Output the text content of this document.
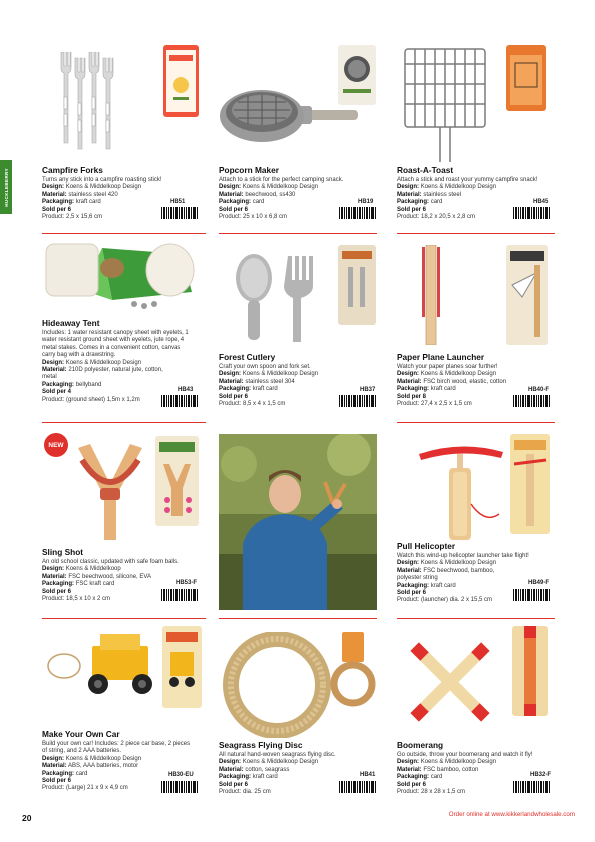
HUCKLEBERRY	Campfire Forks
Turns any stick into a campfire roasting stick!
Design: Koens & Middelkoop Design
Material: stainless steel 420
Packaging: kraft card
Sold per 6
Product: 2,5 x 15,6 cm
Popcorn Maker
Attach to a stick for the perfect camping snack.
Design: Koens & Middelkoop Design
Material: beechwood, ss430
Packaging: card
Sold per 6
Product: 25 x 10 x 6,8 cm
Roast-A-Toast
Attach a stick and roast your yummy campfire snack!
Design: Koens & Middelkoop Design
Material: stainless steel
Packaging: card
Sold per 6
Product: 18,2 x 20,5 x 2,8 cm
HB51	HB19	HB45
Hideaway Tent
Includes: 1 water resistant canopy sheet with eyelets, 1 water resistant ground sheet with eyelets, jute rope, 4 metal stakes. Comes in a convenient cotton, canvas carry bag with a drawstring.
Design: Koens & Middelkoop Design
Material: 210D polyester, natural jute, cotton, metal
Packaging: bellyband
Sold per 4
Product: (ground sheet) 1,5m x 1,2m
Forest Cutlery
Craft your own spoon and fork set.
Design: Koens & Middelkoop Design
Material: stainless steel 304
Packaging: kraft card
Sold per 6
Product: 8,5 x 4 x 1,5 cm
Paper Plane Launcher
Watch your paper planes soar further!
Design: Koens & Middelkoop Design
Material: FSC birch wood, elastic, cotton
Packaging: kraft card
Sold per 8
Product: 27,4 x 2,5 x 1,5 cm
HB43	HB37	HB40-F
NEW
Sling Shot
An old school classic, updated with safe foam balls.
Design: Koens & Middelkoop
Material: FSC beechwood, silicone, EVA
Packaging: FSC kraft card
Sold per 6
Product: 18,5 x 10 x 2 cm
Pull Helicopter
Watch this wind-up helicopter launcher take flight!
Design: Koens & Middelkoop Design
Material: FSC beechwood, bamboo, polyester string
Packaging: kraft card
Sold per 6
Product: (launcher) dia. 2 x 15,5 cm
HB53-F	HB49-F
Make Your Own Car
Build your own car! Includes: 2 piece car base, 2 pieces of string, and 2 AAA batteries.
Design: Koens & Middelkoop Design
Material: ABS, AAA batteries, motor
Packaging: card
Sold per 6
Product: (Large) 21 x 9 x 4,9 cm
Seagrass Flying Disc
All natural hand-woven seagrass flying disc.
Design: Koens & Middelkoop Design
Material: cotton, seagrass
Packaging: kraft card
Sold per 6
Product: dia. 25 cm
Boomerang
Go outside, throw your boomerang and watch it fly!
Design: Koens & Middelkoop Design
Material: FSC bamboo, cotton
Packaging: card
Sold per 6
Product: 28 x 28 x 1,5 cm
HB30-EU	HB41	HB32-F
20	Order online at www.kikkerlandwholesale.com
